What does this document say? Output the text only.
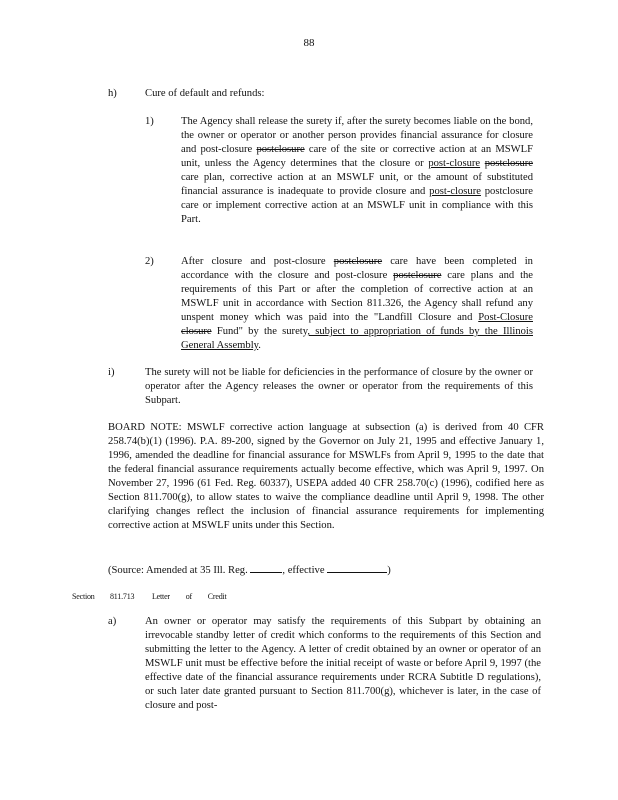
88
h)	Cure of default and refunds:
1)	The Agency shall release the surety if, after the surety becomes liable on the bond, the owner or operator or another person provides financial assurance for closure and post-closure postclosure care of the site or corrective action at an MSWLF unit, unless the Agency determines that the closure or post-closure postclosure care plan, corrective action at an MSWLF unit, or the amount of substituted financial assurance is inadequate to provide closure and post-closure postclosure care or implement corrective action at an MSWLF unit in compliance with this Part.
2)	After closure and post-closure postclosure care have been completed in accordance with the closure and post-closure postclosure care plans and the requirements of this Part or after the completion of corrective action at an MSWLF unit in accordance with Section 811.326, the Agency shall refund any unspent money which was paid into the "Landfill Closure and Post-Closure closure Fund" by the surety, subject to appropriation of funds by the Illinois General Assembly.
i)	The surety will not be liable for deficiencies in the performance of closure by the owner or operator after the Agency releases the owner or operator from the requirements of this Subpart.
BOARD NOTE: MSWLF corrective action language at subsection (a) is derived from 40 CFR 258.74(b)(1) (1996). P.A. 89-200, signed by the Governor on July 21, 1995 and effective January 1, 1996, amended the deadline for financial assurance for MSWLFs from April 9, 1995 to the date that the federal financial assurance requirements actually become effective, which was April 9, 1997. On November 27, 1996 (61 Fed. Reg. 60337), USEPA added 40 CFR 258.70(c) (1996), codified here as Section 811.700(g), to allow states to waive the compliance deadline until April 9, 1998. The other clarifying changes reflect the inclusion of financial assurance requirements for implementing corrective action at MSWLF units under this Section.
(Source: Amended at 35 Ill. Reg.	, effective	)
Section 811.713 Letter of Credit
a)	An owner or operator may satisfy the requirements of this Subpart by obtaining an irrevocable standby letter of credit which conforms to the requirements of this Section and submitting the letter to the Agency. A letter of credit obtained by an owner or operator of an MSWLF unit must be effective before the initial receipt of waste or before April 9, 1997 (the effective date of the financial assurance requirements under RCRA Subtitle D regulations), or such later date granted pursuant to Section 811.700(g), whichever is later, in the case of closure and post-
